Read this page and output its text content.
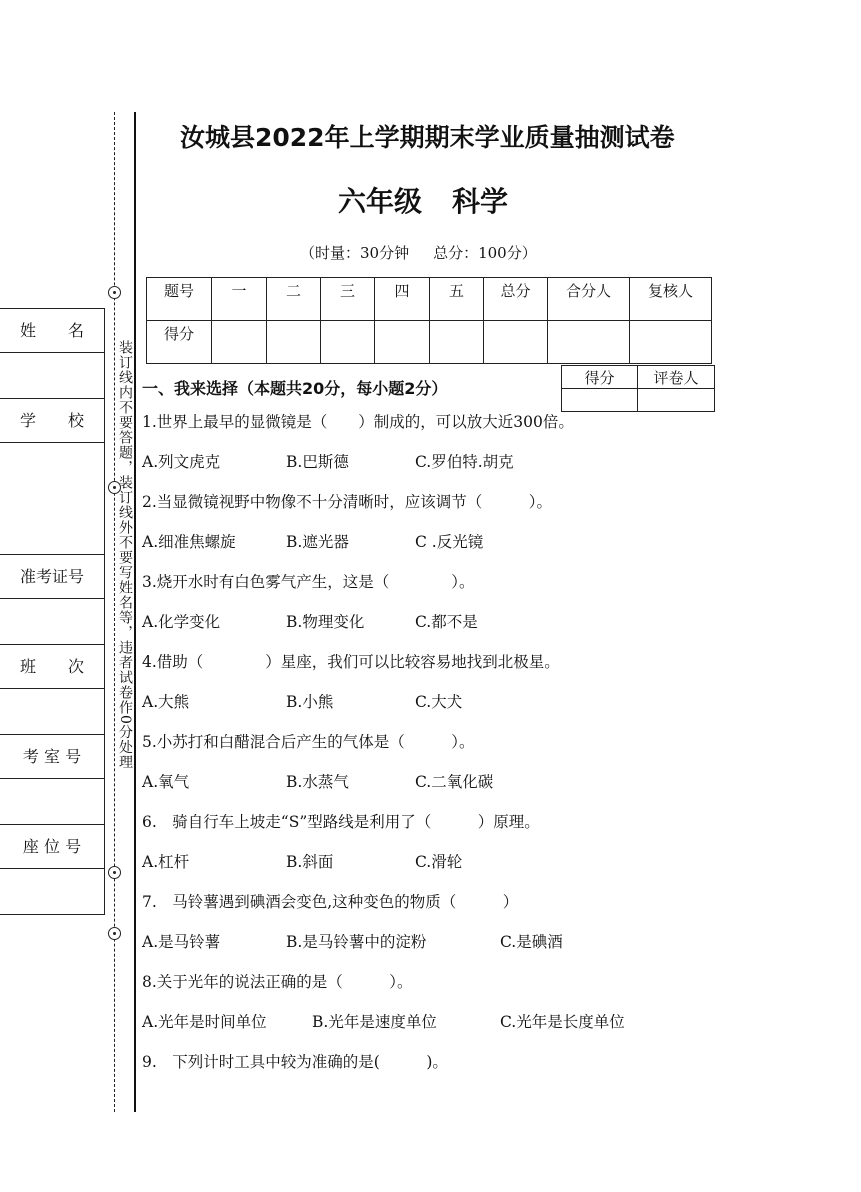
装订线内不要答题，装订线外不要写姓名等，违者试卷作0分处理
姓　　名
学　　校
准考证号
班　　次
考 室 号
座 位 号
汝城县2022年上学期期末学业质量抽测试卷
六年级 科学
（时量：30分钟 总分：100分）
题号	一	二	三	四	五	总分	合分人	复核人
得分								
一、我来选择（本题共20分，每小题2分）
得分	评卷人

1.世界上最早的显微镜是（　　）制成的，可以放大近300倍。
A.列文虎克	B.巴斯德	C.罗伯特.胡克
2.当显微镜视野中物像不十分清晰时，应该调节（　　　）。
A.细准焦螺旋	B.遮光器	C .反光镜
3.烧开水时有白色雾气产生，这是（　　　　）。
A.化学变化	B.物理变化	C.都不是
4.借助（　　　　）星座，我们可以比较容易地找到北极星。
A.大熊	B.小熊	C.大犬
5.小苏打和白醋混合后产生的气体是（　　　）。
A.氧气	B.水蒸气	C.二氧化碳
6.　骑自行车上坡走“S”型路线是利用了（　　　）原理。
A.杠杆	B.斜面	C.滑轮
7.　马铃薯遇到碘酒会变色,这种变色的物质（　　　）
A.是马铃薯	B.是马铃薯中的淀粉	C.是碘酒
8.关于光年的说法正确的是（　　　）。
A.光年是时间单位	B.光年是速度单位	C.光年是长度单位
9.　下列计时工具中较为准确的是(　　　)。
